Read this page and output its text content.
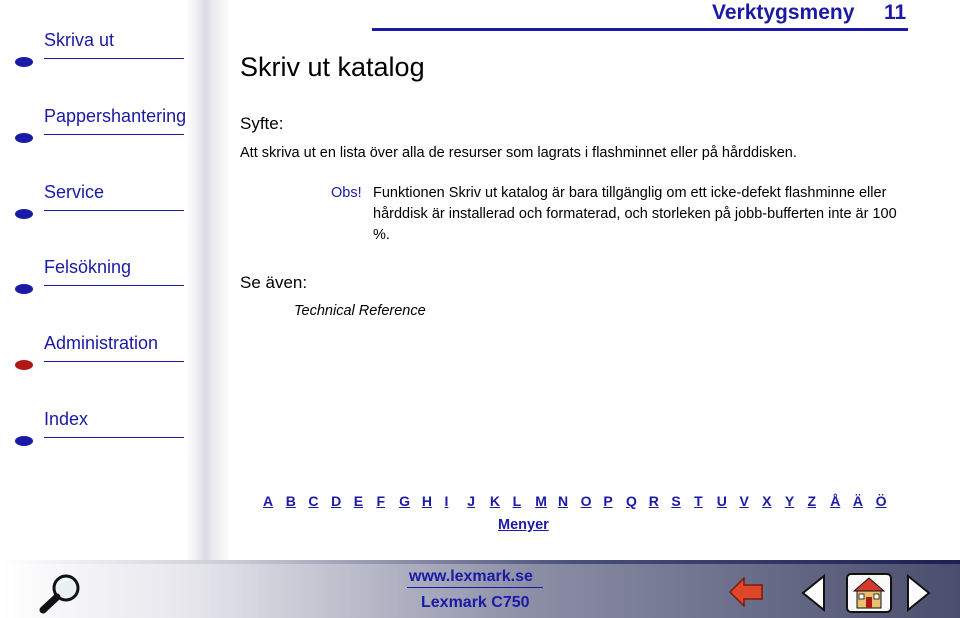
Skriva ut
Pappershantering
Service
Felsökning
Administration
Index
Verktygsmeny 11
Skriv ut katalog
Syfte:
Att skriva ut en lista över alla de resurser som lagrats i flashminnet eller på hårddisken.
Obs! Funktionen Skriv ut katalog är bara tillgänglig om ett icke-defekt flashminne eller hårddisk är installerad och formaterad, och storleken på jobb-bufferten inte är 100 %.
Se även:
Technical Reference
A B C D E F	G H I	J	K L	M N O P Q R S T	U V X Y Z	Å Ä Ö
Menyer
www.lexmark.se
Lexmark C750
